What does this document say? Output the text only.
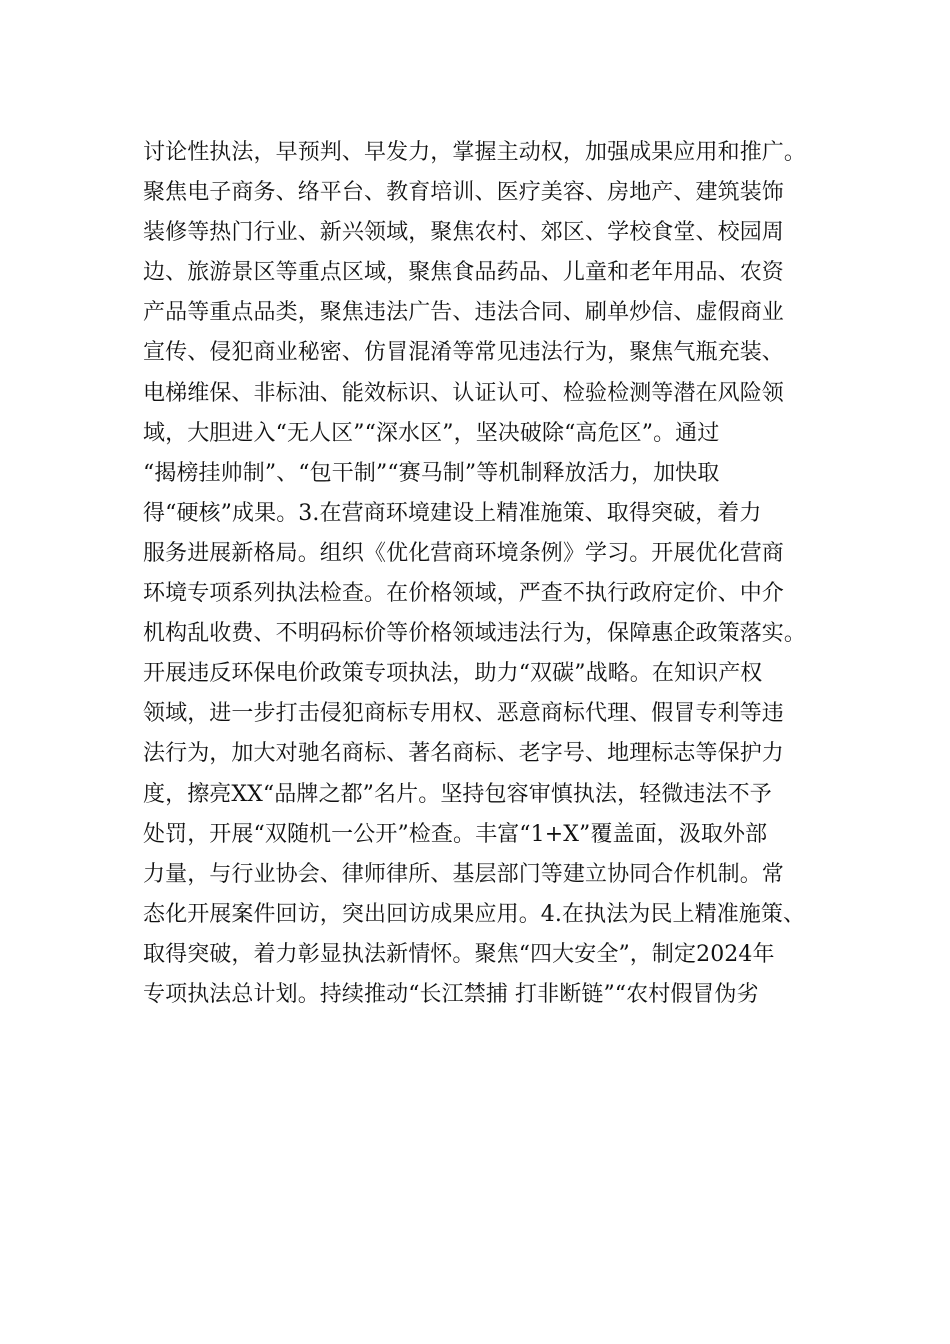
讨论性执法，早预判、早发力，掌握主动权，加强成果应用和推广。
聚焦电子商务、络平台、教育培训、医疗美容、房地产、建筑装饰
装修等热门行业、新兴领域，聚焦农村、郊区、学校食堂、校园周
边、旅游景区等重点区域，聚焦食品药品、儿童和老年用品、农资
产品等重点品类，聚焦违法广告、违法合同、刷单炒信、虚假商业
宣传、侵犯商业秘密、仿冒混淆等常见违法行为，聚焦气瓶充装、
电梯维保、非标油、能效标识、认证认可、检验检测等潜在风险领
域，大胆进入“无人区”“深水区”，坚决破除“高危区”。通过
“揭榜挂帅制”、“包干制”“赛马制”等机制释放活力，加快取
得“硬核”成果。3.在营商环境建设上精准施策、取得突破，着力
服务进展新格局。组织《优化营商环境条例》学习。开展优化营商
环境专项系列执法检查。在价格领域，严查不执行政府定价、中介
机构乱收费、不明码标价等价格领域违法行为，保障惠企政策落实。
开展违反环保电价政策专项执法，助力“双碳”战略。在知识产权
领域，进一步打击侵犯商标专用权、恶意商标代理、假冒专利等违
法行为，加大对驰名商标、著名商标、老字号、地理标志等保护力
度，擦亮XX“品牌之都”名片。坚持包容审慎执法，轻微违法不予
处罚，开展“双随机一公开”检查。丰富“1+X”覆盖面，汲取外部
力量，与行业协会、律师律所、基层部门等建立协同合作机制。常
态化开展案件回访，突出回访成果应用。4.在执法为民上精准施策、
取得突破，着力彰显执法新情怀。聚焦“四大安全”，制定2024年
专项执法总计划。持续推动“长江禁捕 打非断链”“农村假冒伪劣
